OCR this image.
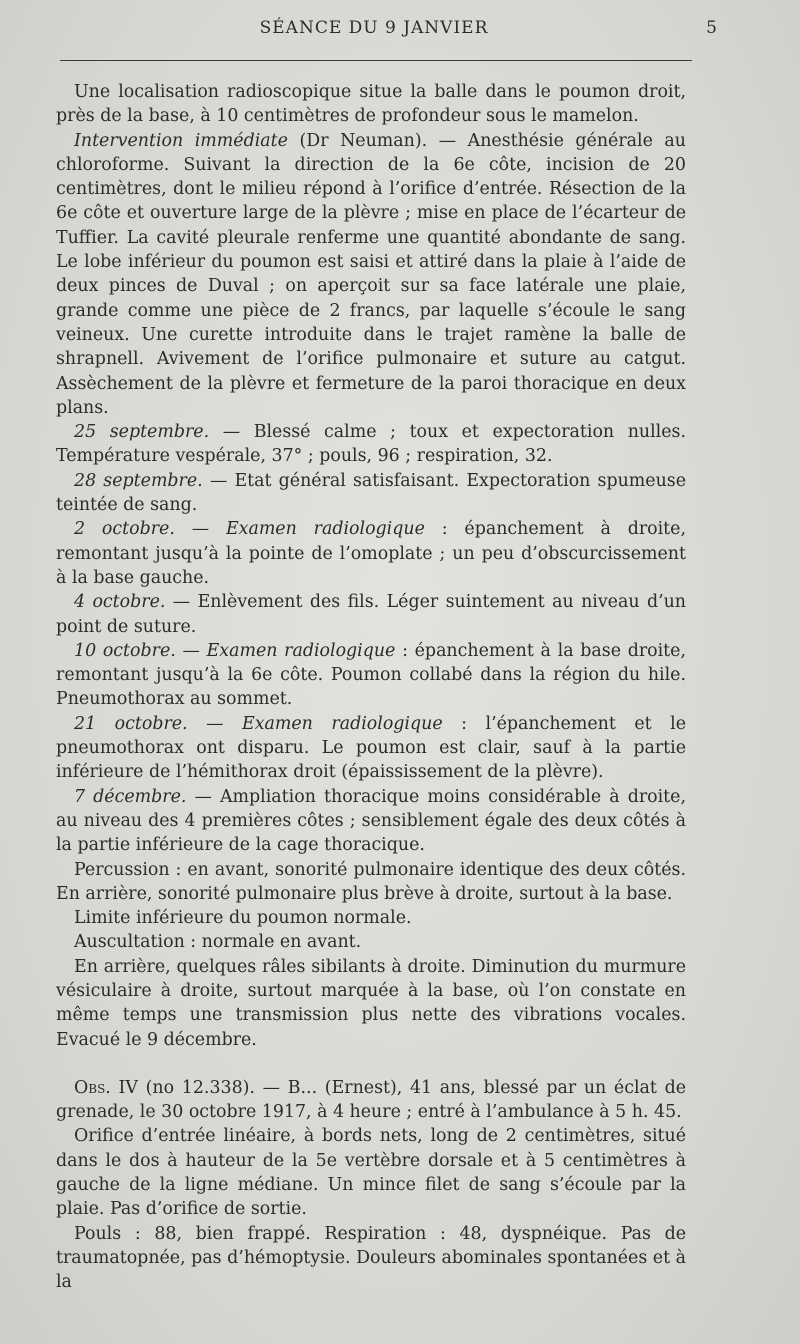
SÉANCE DU 9 JANVIER	5

Une localisation radioscopique situe la balle dans le poumon droit, près de la base, à 10 centimètres de profondeur sous le mamelon.

Intervention immédiate (Dr Neuman). — Anesthésie générale au chloroforme. Suivant la direction de la 6e côte, incision de 20 centimètres, dont le milieu répond à l’orifice d’entrée. Résection de la 6e côte et ouverture large de la plèvre ; mise en place de l’écarteur de Tuffier. La cavité pleurale renferme une quantité abondante de sang. Le lobe inférieur du poumon est saisi et attiré dans la plaie à l’aide de deux pinces de Duval ; on aperçoit sur sa face latérale une plaie, grande comme une pièce de 2 francs, par laquelle s’écoule le sang veineux. Une curette introduite dans le trajet ramène la balle de shrapnell. Avivement de l’orifice pulmonaire et suture au catgut. Assèchement de la plèvre et fermeture de la paroi thoracique en deux plans.

25 septembre. — Blessé calme ; toux et expectoration nulles. Température vespérale, 37° ; pouls, 96 ; respiration, 32.

28 septembre. — Etat général satisfaisant. Expectoration spumeuse teintée de sang.

2 octobre. — Examen radiologique : épanchement à droite, remontant jusqu’à la pointe de l’omoplate ; un peu d’obscurcissement à la base gauche.

4 octobre. — Enlèvement des fils. Léger suintement au niveau d’un point de suture.

10 octobre. — Examen radiologique : épanchement à la base droite, remontant jusqu’à la 6e côte. Poumon collabé dans la région du hile. Pneumothorax au sommet.

21 octobre. — Examen radiologique : l’épanchement et le pneumothorax ont disparu. Le poumon est clair, sauf à la partie inférieure de l’hémithorax droit (épaississement de la plèvre).

7 décembre. — Ampliation thoracique moins considérable à droite, au niveau des 4 premières côtes ; sensiblement égale des deux côtés à la partie inférieure de la cage thoracique.

Percussion : en avant, sonorité pulmonaire identique des deux côtés. En arrière, sonorité pulmonaire plus brève à droite, surtout à la base.

Limite inférieure du poumon normale.

Auscultation : normale en avant.

En arrière, quelques râles sibilants à droite. Diminution du murmure vésiculaire à droite, surtout marquée à la base, où l’on constate en même temps une transmission plus nette des vibrations vocales. Evacué le 9 décembre.

Obs. IV (no 12.338). — B... (Ernest), 41 ans, blessé par un éclat de grenade, le 30 octobre 1917, à 4 heure ; entré à l’ambulance à 5 h. 45.

Orifice d’entrée linéaire, à bords nets, long de 2 centimètres, situé dans le dos à hauteur de la 5e vertèbre dorsale et à 5 centimètres à gauche de la ligne médiane. Un mince filet de sang s’écoule par la plaie. Pas d’orifice de sortie.

Pouls : 88, bien frappé. Respiration : 48, dyspnéique. Pas de traumatopnée, pas d’hémoptysie. Douleurs abominales spontanées et à la
